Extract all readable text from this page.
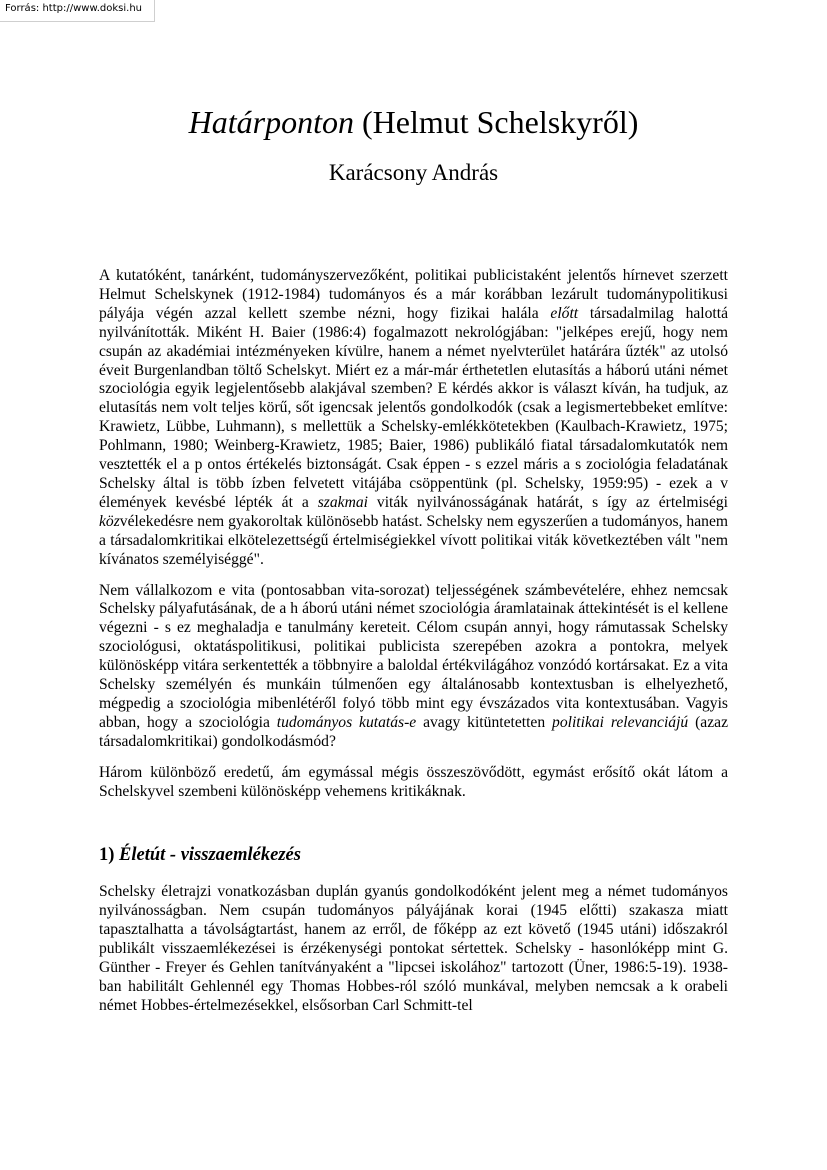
Forrás: http://www.doksi.hu
Határponton (Helmut Schelskyről)
Karácsony András

A kutatóként, tanárként, tudományszervezőként, politikai publicistaként jelentős hírnevet szerzett Helmut Schelskynek (1912-1984) tudományos és a már korábban lezárult tudománypolitikusi pályája végén azzal kellett szembe nézni, hogy fizikai halála előtt társadalmilag halottá nyilvánították. Miként H. Baier (1986:4) fogalmazott nekrológjában: "jelképes erejű, hogy nem csupán az akadémiai intézményeken kívülre, hanem a német nyelvterület határára űzték" az utolsó éveit Burgenlandban töltő Schelskyt. Miért ez a már-már érthetetlen elutasítás a háború utáni német szociológia egyik legjelentősebb alakjával szemben? E kérdés akkor is választ kíván, ha tudjuk, az elutasítás nem volt teljes körű, sőt igencsak jelentős gondolkodók (csak a legismertebbeket említve: Krawietz, Lübbe, Luhmann), s mellettük a Schelsky-emlékkötetekben (Kaulbach-Krawietz, 1975; Pohlmann, 1980; Weinberg-Krawietz, 1985; Baier, 1986) publikáló fiatal társadalomkutatók nem vesztették el a p ontos értékelés biztonságát. Csak éppen - s ezzel máris a s zociológia feladatának Schelsky által is több ízben felvetett vitájába csöppentünk (pl. Schelsky, 1959:95) - ezek a v élemények kevésbé lépték át a szakmai viták nyilvánosságának határát, s így az értelmiségi közvélekedésre nem gyakoroltak különösebb hatást. Schelsky nem egyszerűen a tudományos, hanem a társadalomkritikai elkötelezettségű értelmiségiekkel vívott politikai viták következtében vált "nem kívánatos személyiséggé".

Nem vállalkozom e vita (pontosabban vita-sorozat) teljességének számbevételére, ehhez nemcsak Schelsky pályafutásának, de a h áború utáni német szociológia áramlatainak áttekintését is el kellene végezni - s ez meghaladja e tanulmány kereteit. Célom csupán annyi, hogy rámutassak Schelsky szociológusi, oktatáspolitikusi, politikai publicista szerepében azokra a pontokra, melyek különösképp vitára serkentették a többnyire a baloldal értékvilágához vonzódó kortársakat. Ez a vita Schelsky személyén és munkáin túlmenően egy általánosabb kontextusban is elhelyezhető, mégpedig a szociológia mibenlétéről folyó több mint egy évszázados vita kontextusában. Vagyis abban, hogy a szociológia tudományos kutatás-e avagy kitüntetetten politikai relevanciájú (azaz társadalomkritikai) gondolkodásmód?

Három különböző eredetű, ám egymással mégis összeszövődött, egymást erősítő okát látom a Schelskyvel szembeni különösképp vehemens kritikáknak.

1) Életút - visszaemlékezés

Schelsky életrajzi vonatkozásban duplán gyanús gondolkodóként jelent meg a német tudományos nyilvánosságban. Nem csupán tudományos pályájának korai (1945 előtti) szakasza miatt tapasztalhatta a távolságtartást, hanem az erről, de főképp az ezt követő (1945 utáni) időszakról publikált visszaemlékezései is érzékenységi pontokat sértettek. Schelsky - hasonlóképp mint G. Günther - Freyer és Gehlen tanítványaként a "lipcsei iskolához" tartozott (Üner, 1986:5-19). 1938-ban habilitált Gehlennél egy Thomas Hobbes-ról szóló munkával, melyben nemcsak a k orabeli német Hobbes-értelmezésekkel, elsősorban Carl Schmitt-tel
